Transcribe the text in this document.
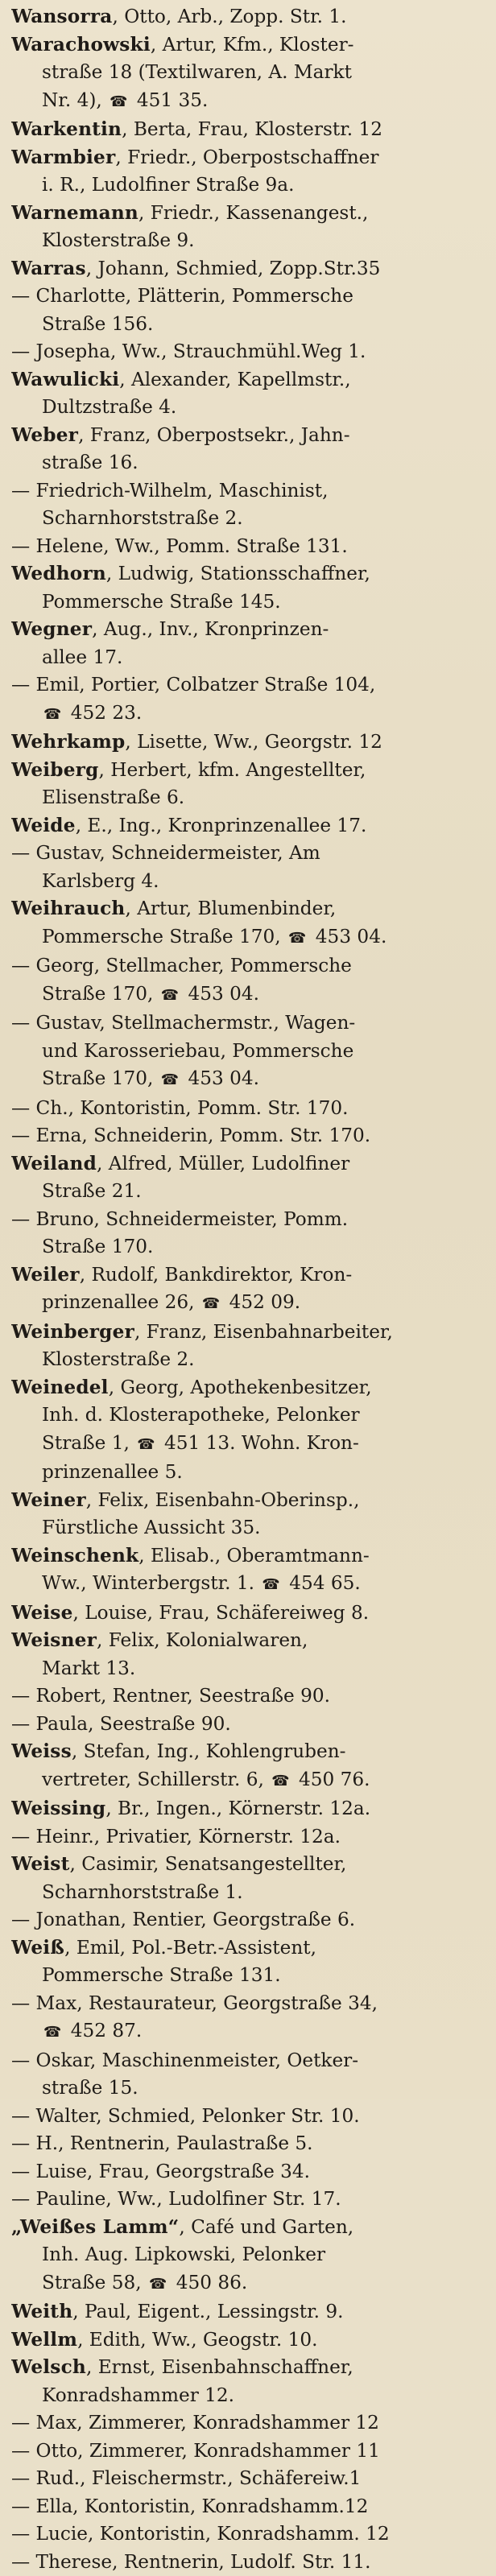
Wansorra, Otto, Arb., Zopp. Str. 1.
Warachowski, Artur, Kfm., Kloster-
straße 18 (Textilwaren, A. Markt
Nr. 4), ☎ 451 35.
Warkentin, Berta, Frau, Klosterstr. 12
Warmbier, Friedr., Oberpostschaffner
i. R., Ludolfiner Straße 9a.
Warnemann, Friedr., Kassenangest.,
Klosterstraße 9.
Warras, Johann, Schmied, Zopp.Str.35
— Charlotte, Plätterin, Pommersche
Straße 156.
— Josepha, Ww., Strauchmühl.Weg 1.
Wawulicki, Alexander, Kapellmstr.,
Dultzstraße 4.
Weber, Franz, Oberpostsekr., Jahn-
straße 16.
— Friedrich-Wilhelm, Maschinist,
Scharnhorststraße 2.
— Helene, Ww., Pomm. Straße 131.
Wedhorn, Ludwig, Stationsschaffner,
Pommersche Straße 145.
Wegner, Aug., Inv., Kronprinzen-
allee 17.
— Emil, Portier, Colbatzer Straße 104,
☎ 452 23.
Wehrkamp, Lisette, Ww., Georgstr. 12
Weiberg, Herbert, kfm. Angestellter,
Elisenstraße 6.
Weide, E., Ing., Kronprinzenallee 17.
— Gustav, Schneidermeister, Am
Karlsberg 4.
Weihrauch, Artur, Blumenbinder,
Pommersche Straße 170, ☎ 453 04.
— Georg, Stellmacher, Pommersche
Straße 170, ☎ 453 04.
— Gustav, Stellmachermstr., Wagen-
und Karosseriebau, Pommersche
Straße 170, ☎ 453 04.
— Ch., Kontoristin, Pomm. Str. 170.
— Erna, Schneiderin, Pomm. Str. 170.
Weiland, Alfred, Müller, Ludolfiner
Straße 21.
— Bruno, Schneidermeister, Pomm.
Straße 170.
Weiler, Rudolf, Bankdirektor, Kron-
prinzenallee 26, ☎ 452 09.
Weinberger, Franz, Eisenbahnarbeiter,
Klosterstraße 2.
Weinedel, Georg, Apothekenbesitzer,
Inh. d. Klosterapotheke, Pelonker
Straße 1, ☎ 451 13. Wohn. Kron-
prinzenallee 5.
Weiner, Felix, Eisenbahn-Oberinsp.,
Fürstliche Aussicht 35.
Weinschenk, Elisab., Oberamtmann-
Ww., Winterbergstr. 1. ☎ 454 65.
Weise, Louise, Frau, Schäfereiweg 8.
Weisner, Felix, Kolonialwaren,
Markt 13.
— Robert, Rentner, Seestraße 90.
— Paula, Seestraße 90.
Weiss, Stefan, Ing., Kohlengruben-
vertreter, Schillerstr. 6, ☎ 450 76.
Weissing, Br., Ingen., Körnerstr. 12a.
— Heinr., Privatier, Körnerstr. 12a.
Weist, Casimir, Senatsangestellter,
Scharnhorststraße 1.
— Jonathan, Rentier, Georgstraße 6.
Weiß, Emil, Pol.-Betr.-Assistent,
Pommersche Straße 131.
— Max, Restaurateur, Georgstraße 34,
☎ 452 87.
— Oskar, Maschinenmeister, Oetker-
straße 15.
— Walter, Schmied, Pelonker Str. 10.
— H., Rentnerin, Paulastraße 5.
— Luise, Frau, Georgstraße 34.
— Pauline, Ww., Ludolfiner Str. 17.
„Weißes Lamm“, Café und Garten,
Inh. Aug. Lipkowski, Pelonker
Straße 58, ☎ 450 86.
Weith, Paul, Eigent., Lessingstr. 9.
Wellm, Edith, Ww., Geogstr. 10.
Welsch, Ernst, Eisenbahnschaffner,
Konradshammer 12.
— Max, Zimmerer, Konradshammer 12
— Otto, Zimmerer, Konradshammer 11
— Rud., Fleischermstr., Schäfereiw.1
— Ella, Kontoristin, Konradshamm.12
— Lucie, Kontoristin, Konradshamm. 12
— Therese, Rentnerin, Ludolf. Str. 11.
